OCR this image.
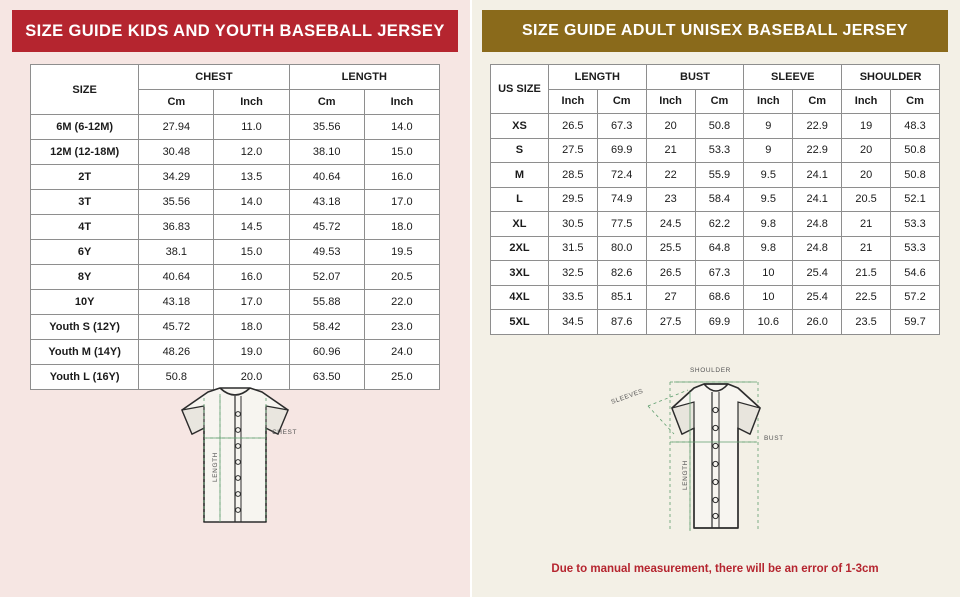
SIZE GUIDE KIDS AND YOUTH BASEBALL JERSEY
SIZE	CHEST		LENGTH	
	Cm	Inch	Cm	Inch
6M (6-12M)	27.94	11.0	35.56	14.0
12M (12-18M)	30.48	12.0	38.10	15.0
2T	34.29	13.5	40.64	16.0
3T	35.56	14.0	43.18	17.0
4T	36.83	14.5	45.72	18.0
6Y	38.1	15.0	49.53	19.5
8Y	40.64	16.0	52.07	20.5
10Y	43.18	17.0	55.88	22.0
Youth S (12Y)	45.72	18.0	58.42	23.0
Youth M (14Y)	48.26	19.0	60.96	24.0
Youth L (16Y)	50.8	20.0	63.50	25.0
CHEST
LENGTH
SIZE GUIDE ADULT UNISEX BASEBALL JERSEY
US SIZE	LENGTH		BUST		SLEEVE		SHOULDER	
	Inch	Cm	Inch	Cm	Inch	Cm	Inch	Cm
XS	26.5	67.3	20	50.8	9	22.9	19	48.3
S	27.5	69.9	21	53.3	9	22.9	20	50.8
M	28.5	72.4	22	55.9	9.5	24.1	20	50.8
L	29.5	74.9	23	58.4	9.5	24.1	20.5	52.1
XL	30.5	77.5	24.5	62.2	9.8	24.8	21	53.3
2XL	31.5	80.0	25.5	64.8	9.8	24.8	21	53.3
3XL	32.5	82.6	26.5	67.3	10	25.4	21.5	54.6
4XL	33.5	85.1	27	68.6	10	25.4	22.5	57.2
5XL	34.5	87.6	27.5	69.9	10.6	26.0	23.5	59.7
SHOULDER
SLEEVES
BUST
LENGTH
Due to manual measurement, there will be an error of 1-3cm
